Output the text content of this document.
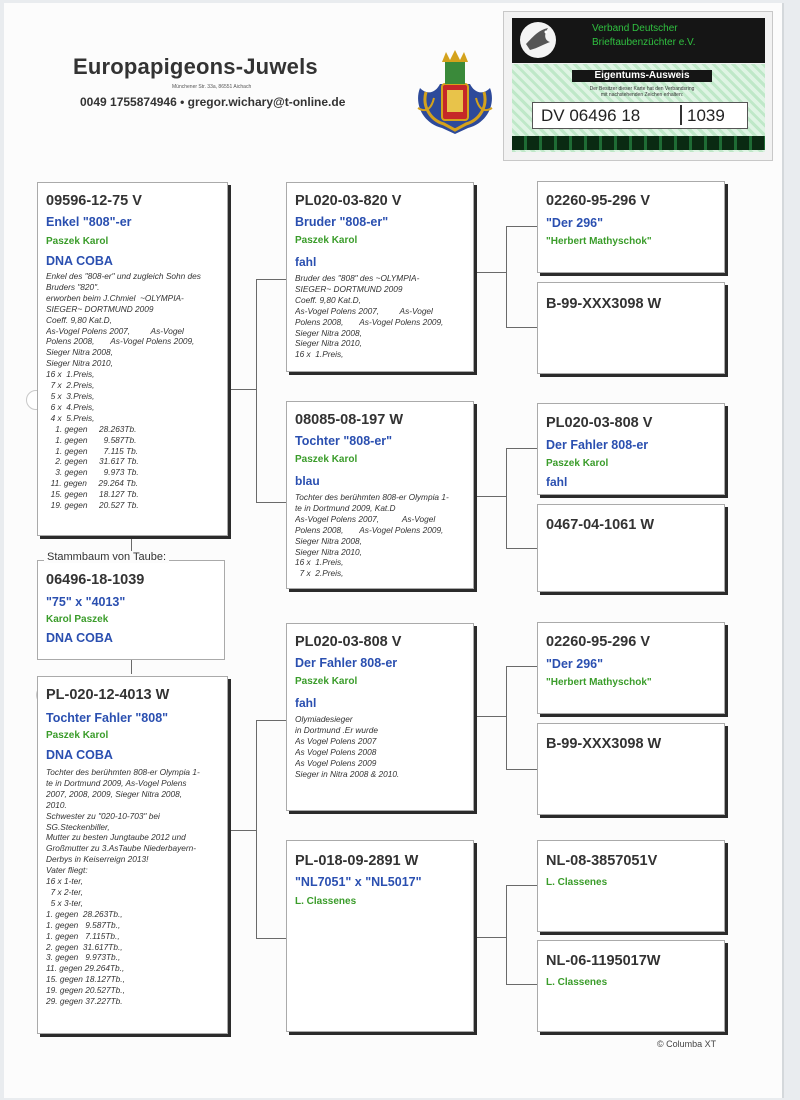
Europapigeons-Juwels
Münchener Str. 33a, 86551 Aichach
0049 1755874946 • gregor.wichary@t-online.de
Verband Deutscher
Brieftaubenzüchter e.V.
Eigentums-Ausweis
Der Besitzer dieser Karte hat den Verbandsring
mit nachstehenden Zeichen erhalten:
DV 06496 18	1039
09596-12-75 V
Enkel "808"-er
Paszek Karol
DNA COBA
Enkel des "808-er" und zugleich Sohn des
Bruders "820".
erworben beim J.Chmiel  ~OLYMPIA-
SIEGER~ DORTMUND 2009
Coeff. 9,80 Kat.D,
As-Vogel Polens 2007,         As-Vogel
Polens 2008,       As-Vogel Polens 2009,
Sieger Nitra 2008,
Sieger Nitra 2010,
16 x  1.Preis,
7 x  2.Preis,
5 x  3.Preis,
6 x  4.Preis,
4 x  5.Preis,
1. gegen     28.263Tb.
1. gegen       9.587Tb.
1. gegen       7.115 Tb.
2. gegen     31.617 Tb.
3. gegen       9.973 Tb.
11. gegen     29.264 Tb.
15. gegen     18.127 Tb.
19. gegen     20.527 Tb.
06496-18-1039
"75" x "4013"
Karol Paszek
DNA COBA
Stammbaum von Taube:
PL-020-12-4013 W
Tochter Fahler "808"
Paszek Karol
DNA COBA
Tochter des berühmten 808-er Olympia 1-
te in Dortmund 2009, As-Vogel Polens
2007, 2008, 2009, Sieger Nitra 2008,
2010.
Schwester zu "020-10-703" bei
SG.Steckenbiller,
Mutter zu besten Jungtaube 2012 und
Großmutter zu 3.AsTaube Niederbayern-
Derbys in Keiserreign 2013!
Vater fliegt:
16 x 1-ter,
7 x 2-ter,
5 x 3-ter,
1. gegen  28.263Tb.,
1. gegen   9.587Tb.,
1. gegen   7.115Tb.,
2. gegen  31.617Tb.,
3. gegen   9.973Tb.,
11. gegen 29.264Tb.,
15. gegen 18.127Tb.,
19. gegen 20.527Tb.,
29. gegen 37.227Tb.
PL020-03-820 V
Bruder "808-er"
Paszek Karol
fahl
Bruder des "808" des ~OLYMPIA-
SIEGER~ DORTMUND 2009
Coeff. 9,80 Kat.D,
As-Vogel Polens 2007,         As-Vogel
Polens 2008,       As-Vogel Polens 2009,
Sieger Nitra 2008,
Sieger Nitra 2010,
16 x  1.Preis,
08085-08-197 W
Tochter "808-er"
Paszek Karol
blau
Tochter des berühmten 808-er Olympia 1-
te in Dortmund 2009, Kat.D
As-Vogel Polens 2007,          As-Vogel
Polens 2008,       As-Vogel Polens 2009,
Sieger Nitra 2008,
Sieger Nitra 2010,
16 x  1.Preis,
7 x  2.Preis,
PL020-03-808 V
Der Fahler 808-er
Paszek Karol
fahl
Olymiadesieger
in Dortmund .Er wurde
As Vogel Polens 2007
As Vogel Polens 2008
As Vogel Polens 2009
Sieger in Nitra 2008 & 2010.
PL-018-09-2891 W
"NL7051" x "NL5017"
L. Classenes
02260-95-296 V
"Der 296"
"Herbert Mathyschok"
B-99-XXX3098 W
PL020-03-808 V
Der Fahler 808-er
Paszek Karol
fahl
0467-04-1061 W
02260-95-296 V
"Der 296"
"Herbert Mathyschok"
B-99-XXX3098 W
NL-08-3857051V
L. Classenes
NL-06-1195017W
L. Classenes
© Columba XT
